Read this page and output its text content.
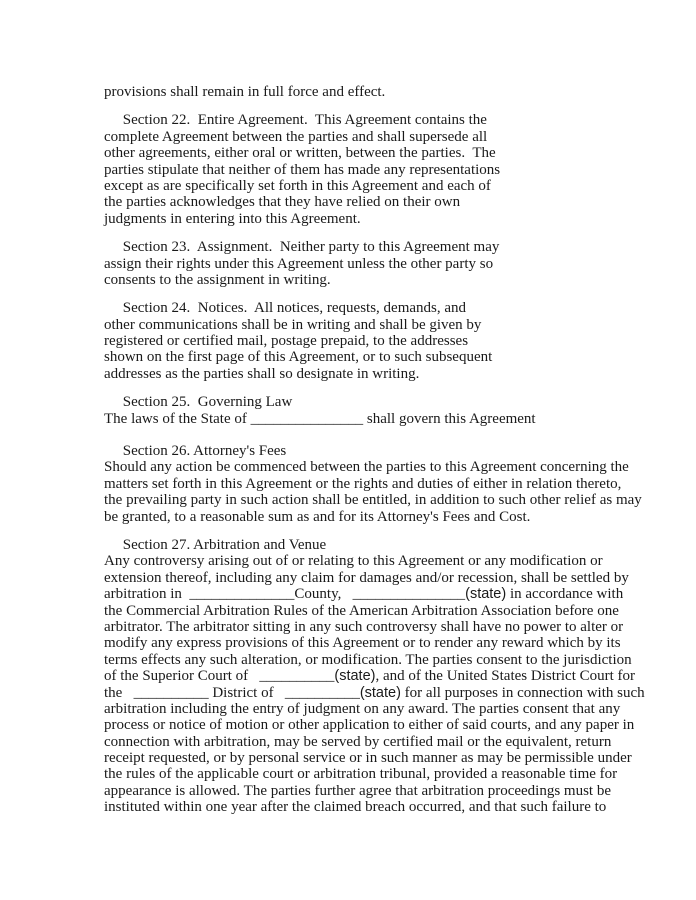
provisions shall remain in full force and effect.
Section 22.  Entire Agreement.  This Agreement contains the
complete Agreement between the parties and shall supersede all
other agreements, either oral or written, between the parties.  The
parties stipulate that neither of them has made any representations
except as are specifically set forth in this Agreement and each of
the parties acknowledges that they have relied on their own
judgments in entering into this Agreement.
Section 23.  Assignment.  Neither party to this Agreement may
assign their rights under this Agreement unless the other party so
consents to the assignment in writing.
Section 24.  Notices.  All notices, requests, demands, and
other communications shall be in writing and shall be given by
registered or certified mail, postage prepaid, to the addresses
shown on the first page of this Agreement, or to such subsequent
addresses as the parties shall so designate in writing.
Section 25.  Governing Law
The laws of the State of _______________ shall govern this Agreement
Section 26. Attorney's Fees
Should any action be commenced between the parties to this Agreement concerning the
matters set forth in this Agreement or the rights and duties of either in relation thereto,
the prevailing party in such action shall be entitled, in addition to such other relief as may
be granted, to a reasonable sum as and for its Attorney's Fees and Cost.
Section 27. Arbitration and Venue
Any controversy arising out of or relating to this Agreement or any modification or
extension thereof, including any claim for damages and/or recession, shall be settled by
arbitration in  ______________County,   _______________(state) in accordance with
the Commercial Arbitration Rules of the American Arbitration Association before one
arbitrator. The arbitrator sitting in any such controversy shall have no power to alter or
modify any express provisions of this Agreement or to render any reward which by its
terms effects any such alteration, or modification. The parties consent to the jurisdiction
of the Superior Court of   __________(state), and of the United States District Court for
the   __________ District of   __________(state) for all purposes in connection with such
arbitration including the entry of judgment on any award. The parties consent that any
process or notice of motion or other application to either of said courts, and any paper in
connection with arbitration, may be served by certified mail or the equivalent, return
receipt requested, or by personal service or in such manner as may be permissible under
the rules of the applicable court or arbitration tribunal, provided a reasonable time for
appearance is allowed. The parties further agree that arbitration proceedings must be
instituted within one year after the claimed breach occurred, and that such failure to
